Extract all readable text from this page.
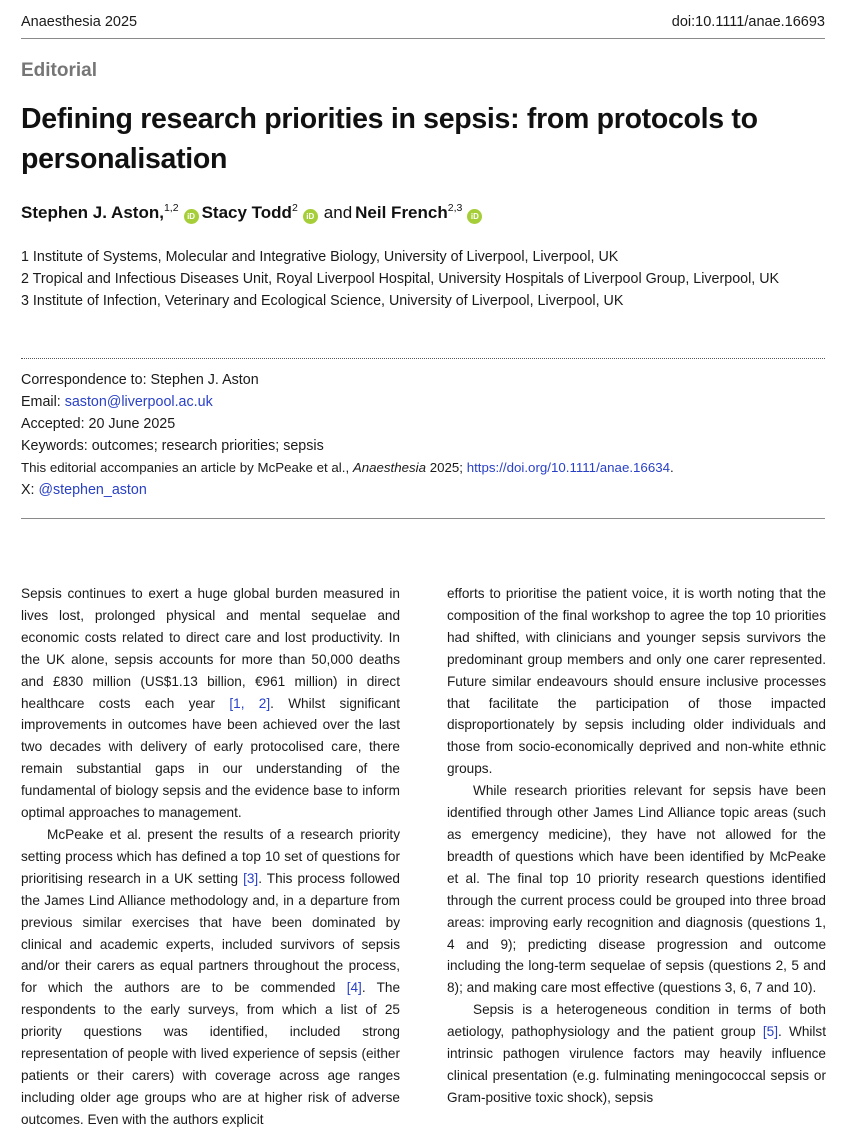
Anaesthesia 2025	doi:10.1111/anae.16693
Editorial
Defining research priorities in sepsis: from protocols to personalisation
Stephen J. Aston,$^{1,2}$iD Stacy Todd$^2$iD and Neil French$^{2,3}$iD
1 Institute of Systems, Molecular and Integrative Biology, University of Liverpool, Liverpool, UK
2 Tropical and Infectious Diseases Unit, Royal Liverpool Hospital, University Hospitals of Liverpool Group, Liverpool, UK
3 Institute of Infection, Veterinary and Ecological Science, University of Liverpool, Liverpool, UK
Correspondence to: Stephen J. Aston
Email: saston@liverpool.ac.uk
Accepted: 20 June 2025
Keywords: outcomes; research priorities; sepsis
This editorial accompanies an article by McPeake et al., Anaesthesia 2025; https://doi.org/10.1111/anae.16634.
X: @stephen_aston

Sepsis continues to exert a huge global burden measured in lives lost, prolonged physical and mental sequelae and economic costs related to direct care and lost productivity. In the UK alone, sepsis accounts for more than 50,000 deaths and £830 million (US$1.13 billion, €961 million) in direct healthcare costs each year [1, 2]. Whilst significant improvements in outcomes have been achieved over the last two decades with delivery of early protocolised care, there remain substantial gaps in our understanding of the fundamental of biology sepsis and the evidence base to inform optimal approaches to management.

McPeake et al. present the results of a research priority setting process which has defined a top 10 set of questions for prioritising research in a UK setting [3]. This process followed the James Lind Alliance methodology and, in a departure from previous similar exercises that have been dominated by clinical and academic experts, included survivors of sepsis and/or their carers as equal partners throughout the process, for which the authors are to be commended [4]. The respondents to the early surveys, from which a list of 25 priority questions was identified, included strong representation of people with lived experience of sepsis (either patients or their carers) with coverage across age ranges including older age groups who are at higher risk of adverse outcomes. Even with the authors explicit

efforts to prioritise the patient voice, it is worth noting that the composition of the final workshop to agree the top 10 priorities had shifted, with clinicians and younger sepsis survivors the predominant group members and only one carer represented. Future similar endeavours should ensure inclusive processes that facilitate the participation of those impacted disproportionately by sepsis including older individuals and those from socio-economically deprived and non-white ethnic groups.

While research priorities relevant for sepsis have been identified through other James Lind Alliance topic areas (such as emergency medicine), they have not allowed for the breadth of questions which have been identified by McPeake et al. The final top 10 priority research questions identified through the current process could be grouped into three broad areas: improving early recognition and diagnosis (questions 1, 4 and 9); predicting disease progression and outcome including the long-term sequelae of sepsis (questions 2, 5 and 8); and making care most effective (questions 3, 6, 7 and 10).

Sepsis is a heterogeneous condition in terms of both aetiology, pathophysiology and the patient group [5]. Whilst intrinsic pathogen virulence factors may heavily influence clinical presentation (e.g. fulminating meningococcal sepsis or Gram-positive toxic shock), sepsis
